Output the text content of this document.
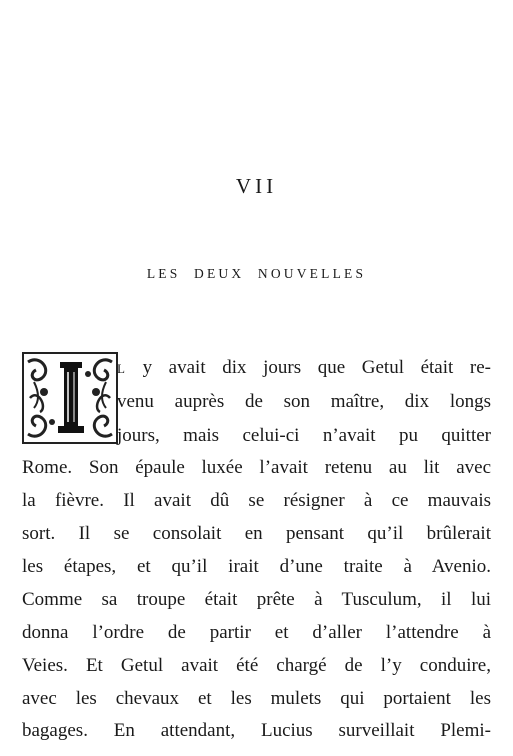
VII
LES DEUX NOUVELLES
L y avait dix jours que Getul était re-
venu auprès de son maître, dix longs
jours, mais celui-ci n’avait pu quitter
Rome. Son épaule luxée l’avait retenu au lit avec
la fièvre. Il avait dû se résigner à ce mauvais
sort. Il se consolait en pensant qu’il brûlerait
les étapes, et qu’il irait d’une traite à Avenio.
Comme sa troupe était prête à Tusculum, il lui
donna l’ordre de partir et d’aller l’attendre à
Veies. Et Getul avait été chargé de l’y conduire,
avec les chevaux et les mulets qui portaient les
bagages. En attendant, Lucius surveillait Plemi-
